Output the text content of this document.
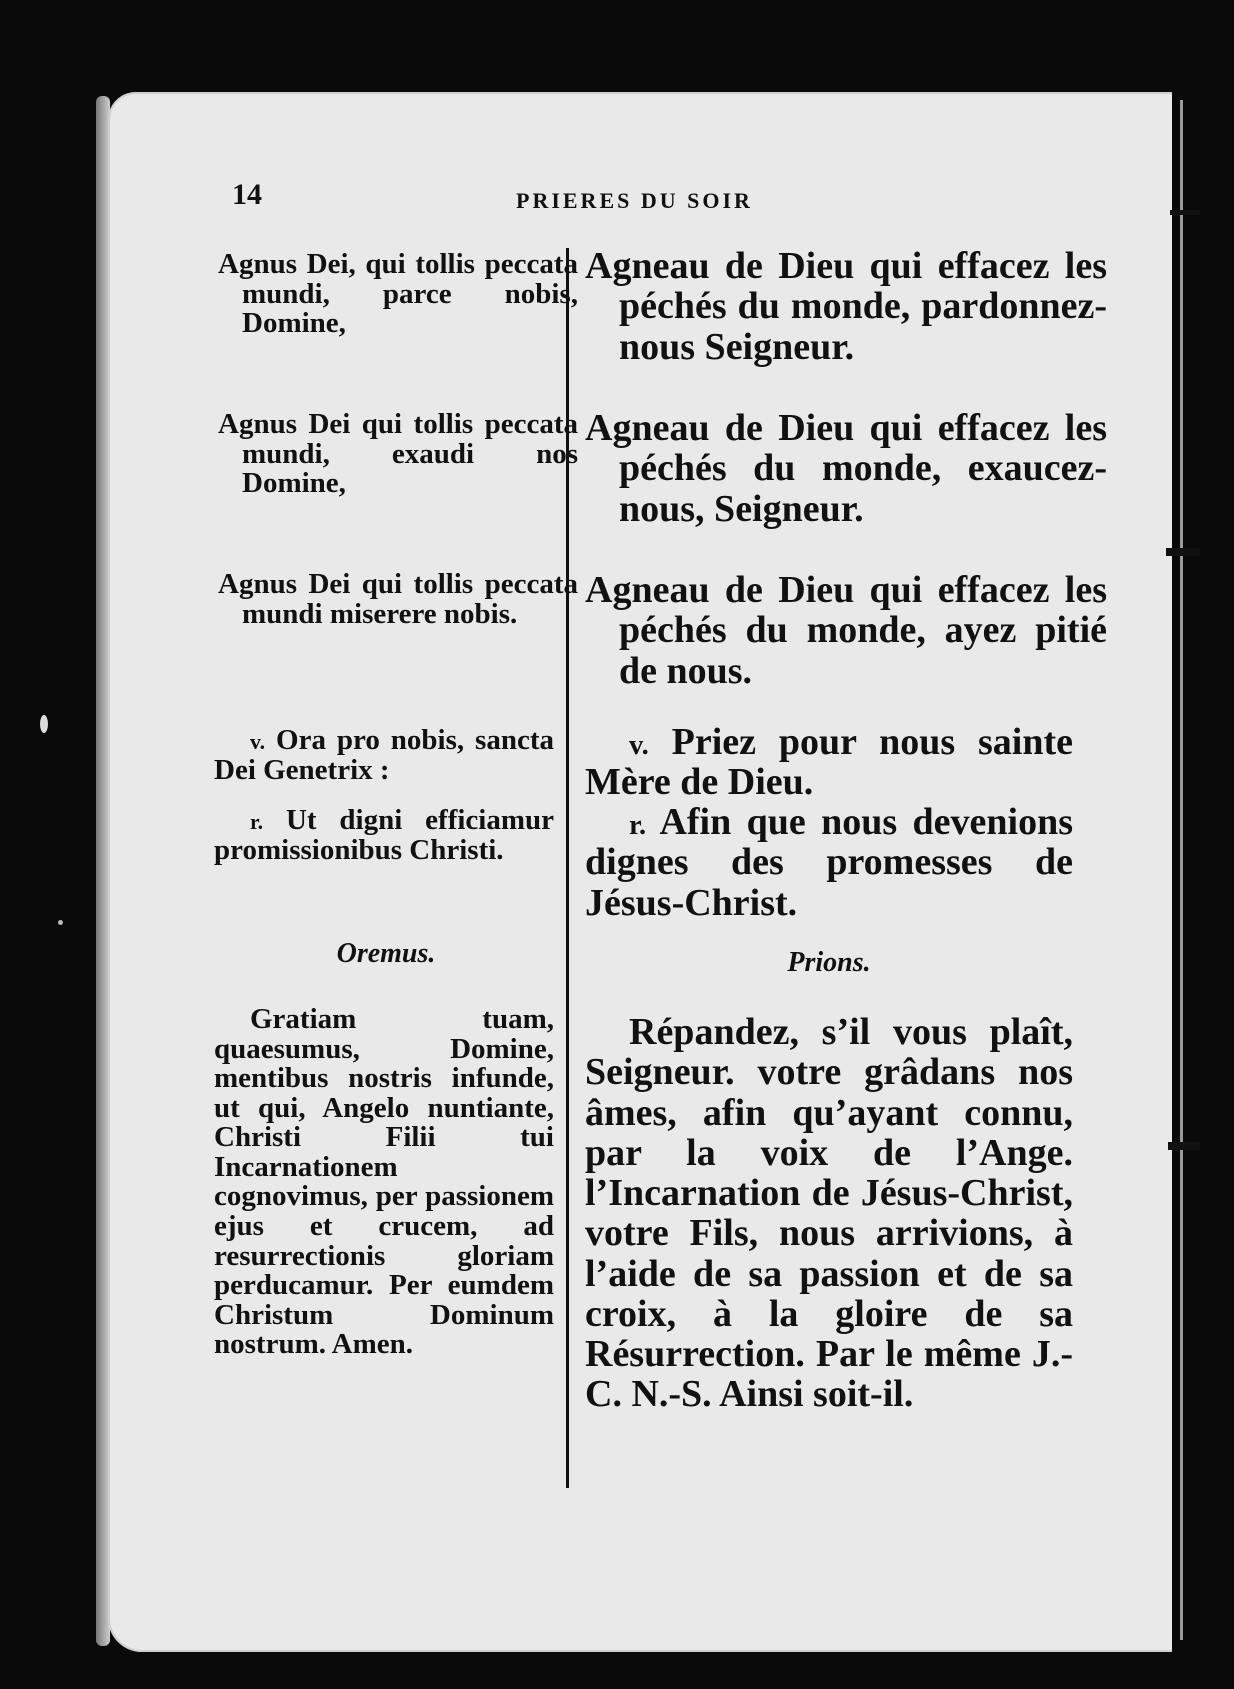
14	PRIERES DU SOIR

Agnus Dei, qui tollis peccata mundi, parce nobis, Domine,

Agnus Dei qui tollis peccata mundi, exaudi nos Domine,

Agnus Dei qui tollis peccata mundi miserere nobis.

v. Ora pro nobis, sancta Dei Genetrix :

r. Ut digni efficiamur promissionibus Christi.

Oremus.

Gratiam tuam, quaesumus, Domine, mentibus nostris infunde, ut qui, Angelo nuntiante, Christi Filii tui Incarnationem cognovimus, per passionem ejus et crucem, ad resurrectionis gloriam perducamur. Per eumdem Christum Dominum nostrum. Amen.

Agneau de Dieu qui effacez les péchés du monde, pardonnez-nous Seigneur.

Agneau de Dieu qui effacez les péchés du monde, exaucez-nous, Seigneur.

Agneau de Dieu qui effacez les péchés du monde, ayez pitié de nous.

v. Priez pour nous sainte Mère de Dieu.

r. Afin que nous devenions dignes des promesses de Jésus-Christ.

Prions.

Répandez, s’il vous plaît, Seigneur. votre grâdans nos âmes, afin qu’ayant connu, par la voix de l’Ange. l’Incarnation de Jésus-Christ, votre Fils, nous arrivions, à l’aide de sa passion et de sa croix, à la gloire de sa Résurrection. Par le même J.-C. N.-S. Ainsi soit-il.
